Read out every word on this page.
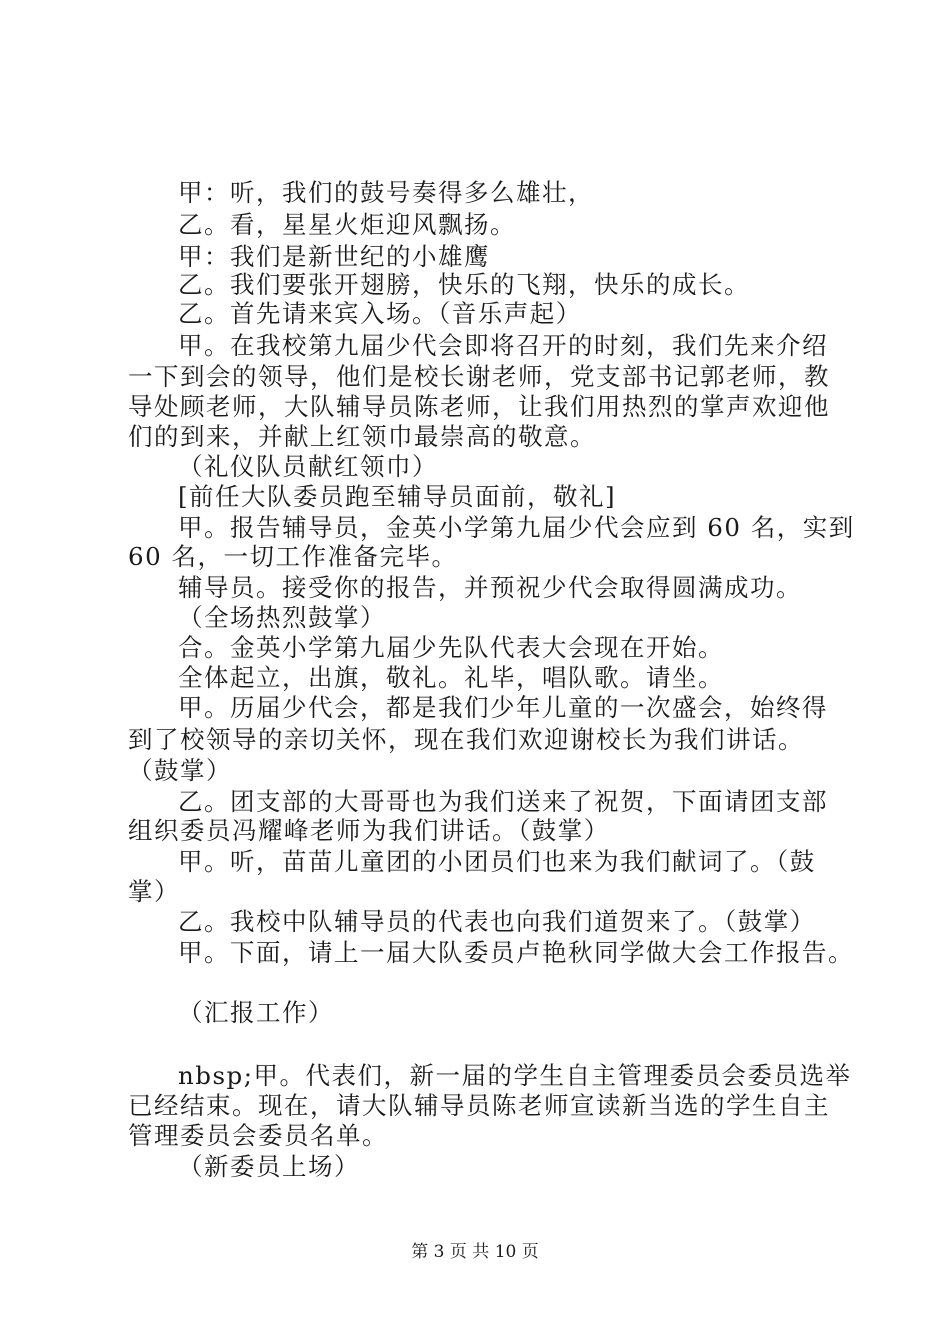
甲：听，我们的鼓号奏得多么雄壮，
乙。看，星星火炬迎风飘扬。
甲：我们是新世纪的小雄鹰
乙。我们要张开翅膀，快乐的飞翔，快乐的成长。
乙。首先请来宾入场。（音乐声起）
甲。在我校第九届少代会即将召开的时刻，我们先来介绍
一下到会的领导，他们是校长谢老师，党支部书记郭老师，教
导处顾老师，大队辅导员陈老师，让我们用热烈的掌声欢迎他
们的到来，并献上红领巾最崇高的敬意。
（礼仪队员献红领巾）
[前任大队委员跑至辅导员面前，敬礼]
甲。报告辅导员，金英小学第九届少代会应到 60 名，实到
60 名，一切工作准备完毕。
辅导员。接受你的报告，并预祝少代会取得圆满成功。
（全场热烈鼓掌）
合。金英小学第九届少先队代表大会现在开始。
全体起立，出旗，敬礼。礼毕，唱队歌。请坐。
甲。历届少代会，都是我们少年儿童的一次盛会，始终得
到了校领导的亲切关怀，现在我们欢迎谢校长为我们讲话。
（鼓掌）
乙。团支部的大哥哥也为我们送来了祝贺，下面请团支部
组织委员冯耀峰老师为我们讲话。（鼓掌）
甲。听，苗苗儿童团的小团员们也来为我们献词了。（鼓
掌）
乙。我校中队辅导员的代表也向我们道贺来了。（鼓掌）
甲。下面，请上一届大队委员卢艳秋同学做大会工作报告。
（汇报工作）
nbsp;甲。代表们，新一届的学生自主管理委员会委员选举
已经结束。现在，请大队辅导员陈老师宣读新当选的学生自主
管理委员会委员名单。
（新委员上场）
第 3 页 共 10 页
